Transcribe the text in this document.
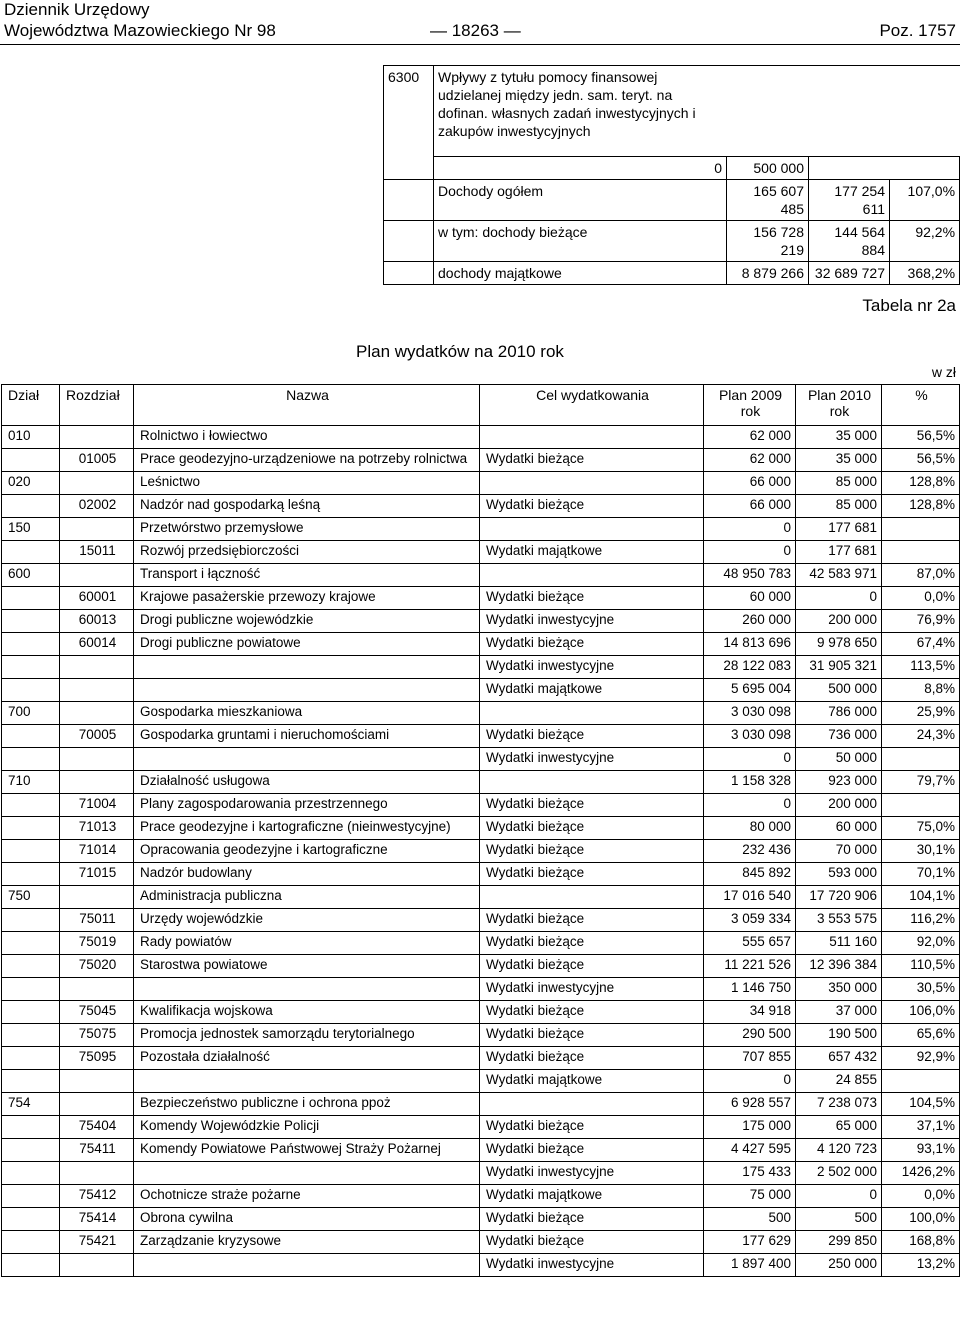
Dziennik Urzędowy
Województwa Mazowieckiego Nr 98	— 18263 —	Poz. 1757
6300	Wpływy z tytułu pomocy finansowej udzielanej między jedn. sam. teryt. na dofinan. własnych zadań inwestycyjnych i zakupów inwestycyjnych			
	0	500 000		
	Dochody ogółem	165 607 485	177 254 611	107,0%
	w tym: dochody bieżące	156 728 219	144 564 884	92,2%
	dochody majątkowe	8 879 266	32 689 727	368,2%
Tabela nr 2a
Plan wydatków na 2010 rok
w zł
Dział	Rozdział	Nazwa	Cel wydatkowania	Plan 2009 rok	Plan 2010 rok	%
010		Rolnictwo i łowiectwo		62 000	35 000	56,5%
	01005	Prace geodezyjno-urządzeniowe na potrzeby rolnictwa	Wydatki bieżące	62 000	35 000	56,5%
020		Leśnictwo		66 000	85 000	128,8%
	02002	Nadzór nad gospodarką leśną	Wydatki bieżące	66 000	85 000	128,8%
150		Przetwórstwo przemysłowe		0	177 681	
	15011	Rozwój przedsiębiorczości	Wydatki majątkowe	0	177 681	
600		Transport i łączność		48 950 783	42 583 971	87,0%
	60001	Krajowe pasażerskie przewozy krajowe	Wydatki bieżące	60 000	0	0,0%
	60013	Drogi publiczne wojewódzkie	Wydatki inwestycyjne	260 000	200 000	76,9%
	60014	Drogi publiczne powiatowe	Wydatki bieżące	14 813 696	9 978 650	67,4%
			Wydatki inwestycyjne	28 122 083	31 905 321	113,5%
			Wydatki majątkowe	5 695 004	500 000	8,8%
700		Gospodarka mieszkaniowa		3 030 098	786 000	25,9%
	70005	Gospodarka gruntami i nieruchomościami	Wydatki bieżące	3 030 098	736 000	24,3%
			Wydatki inwestycyjne	0	50 000	
710		Działalność usługowa		1 158 328	923 000	79,7%
	71004	Plany zagospodarowania przestrzennego	Wydatki bieżące	0	200 000	
	71013	Prace geodezyjne i kartograficzne (nieinwestycyjne)	Wydatki bieżące	80 000	60 000	75,0%
	71014	Opracowania geodezyjne i kartograficzne	Wydatki bieżące	232 436	70 000	30,1%
	71015	Nadzór budowlany	Wydatki bieżące	845 892	593 000	70,1%
750		Administracja publiczna		17 016 540	17 720 906	104,1%
	75011	Urzędy wojewódzkie	Wydatki bieżące	3 059 334	3 553 575	116,2%
	75019	Rady powiatów	Wydatki bieżące	555 657	511 160	92,0%
	75020	Starostwa powiatowe	Wydatki bieżące	11 221 526	12 396 384	110,5%
			Wydatki inwestycyjne	1 146 750	350 000	30,5%
	75045	Kwalifikacja wojskowa	Wydatki bieżące	34 918	37 000	106,0%
	75075	Promocja jednostek samorządu terytorialnego	Wydatki bieżące	290 500	190 500	65,6%
	75095	Pozostała działalność	Wydatki bieżące	707 855	657 432	92,9%
			Wydatki majątkowe	0	24 855	
754		Bezpieczeństwo publiczne i ochrona ppoż		6 928 557	7 238 073	104,5%
	75404	Komendy Wojewódzkie Policji	Wydatki bieżące	175 000	65 000	37,1%
	75411	Komendy Powiatowe Państwowej Straży Pożarnej	Wydatki bieżące	4 427 595	4 120 723	93,1%
			Wydatki inwestycyjne	175 433	2 502 000	1426,2%
	75412	Ochotnicze straże pożarne	Wydatki majątkowe	75 000	0	0,0%
	75414	Obrona cywilna	Wydatki bieżące	500	500	100,0%
	75421	Zarządzanie kryzysowe	Wydatki bieżące	177 629	299 850	168,8%
			Wydatki inwestycyjne	1 897 400	250 000	13,2%
